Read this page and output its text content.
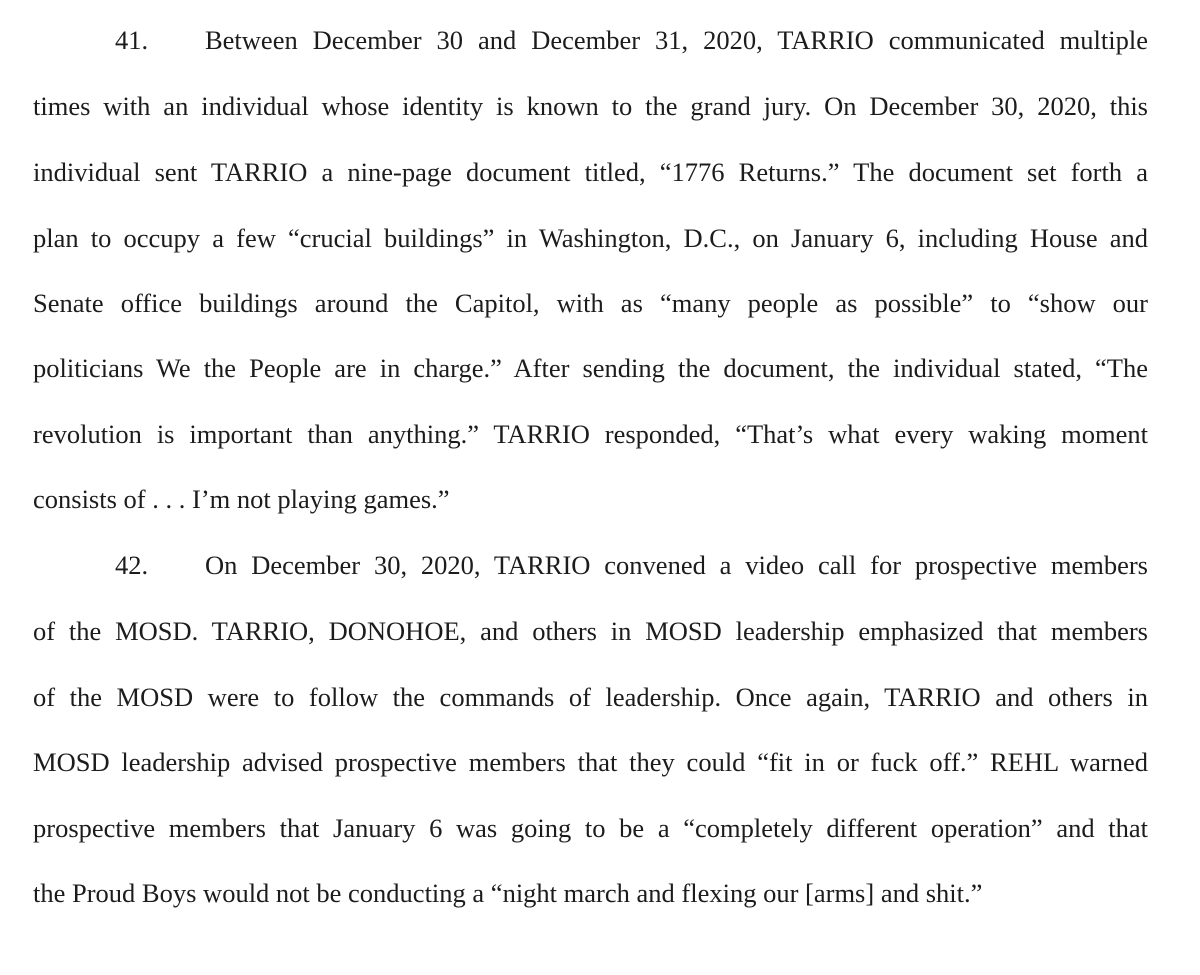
41. Between December 30 and December 31, 2020, TARRIO communicated multiple
times with an individual whose identity is known to the grand jury. On December 30, 2020, this
individual sent TARRIO a nine-page document titled, “1776 Returns.” The document set forth a
plan to occupy a few “crucial buildings” in Washington, D.C., on January 6, including House and
Senate office buildings around the Capitol, with as “many people as possible” to “show our
politicians We the People are in charge.” After sending the document, the individual stated, “The
revolution is important than anything.” TARRIO responded, “That’s what every waking moment
consists of . . . I’m not playing games.”
42. On December 30, 2020, TARRIO convened a video call for prospective members
of the MOSD. TARRIO, DONOHOE, and others in MOSD leadership emphasized that members
of the MOSD were to follow the commands of leadership. Once again, TARRIO and others in
MOSD leadership advised prospective members that they could “fit in or fuck off.” REHL warned
prospective members that January 6 was going to be a “completely different operation” and that
the Proud Boys would not be conducting a “night march and flexing our [arms] and shit.”
